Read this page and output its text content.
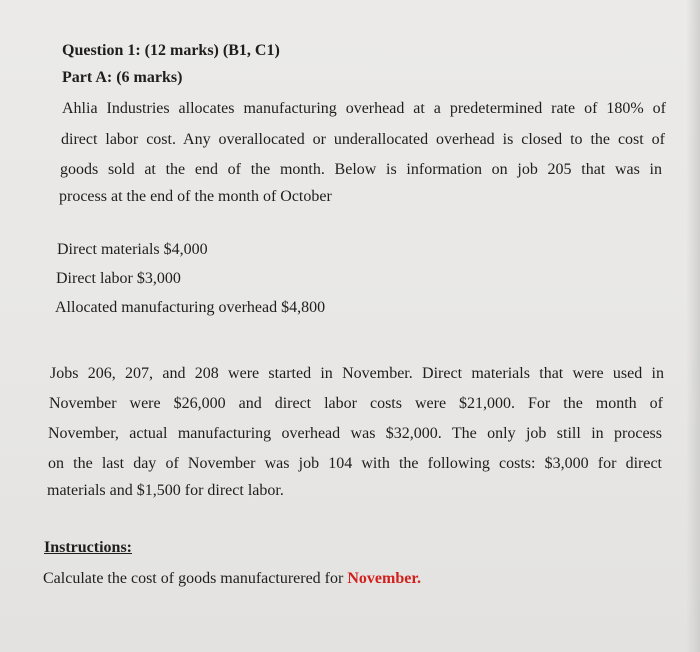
Question 1: (12 marks) (B1, C1)
Part A: (6 marks)
Ahlia Industries allocates manufacturing overhead at a predetermined rate of 180% of
direct labor cost. Any overallocated or underallocated overhead is closed to the cost of
goods sold at the end of the month. Below is information on job 205 that was in
process at the end of the month of October
Direct materials $4,000
Direct labor $3,000
Allocated manufacturing overhead $4,800
Jobs 206, 207, and 208 were started in November. Direct materials that were used in
November were $26,000 and direct labor costs were $21,000. For the month of
November, actual manufacturing overhead was $32,000. The only job still in process
on the last day of November was job 104 with the following costs: $3,000 for direct
materials and $1,500 for direct labor.
Instructions:
Calculate the cost of goods manufacturered for November.
